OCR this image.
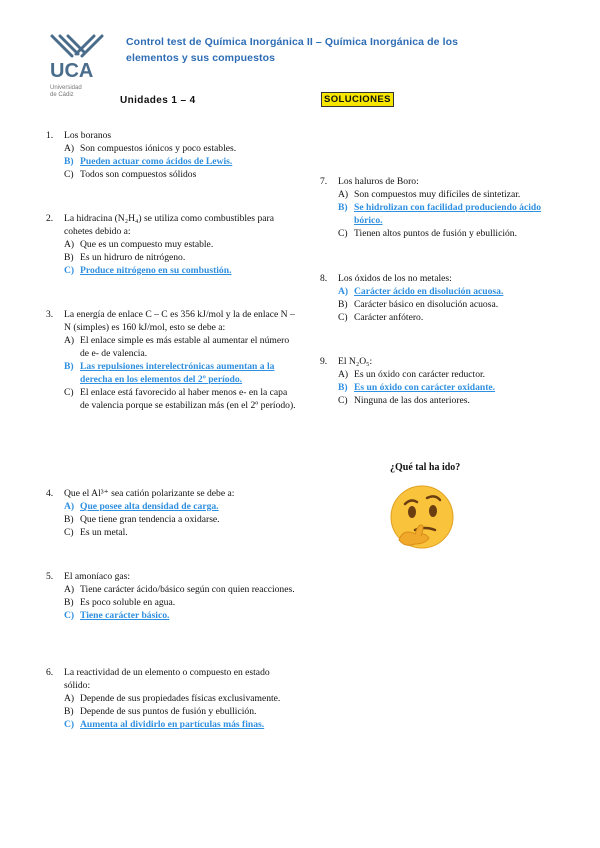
UCA
Universidad
de Cádiz
Control test de Química Inorgánica II – Química Inorgánica de los elementos y sus compuestos
Unidades 1 – 4	SOLUCIONES
1.	Los boranos
A) Son compuestos iónicos y poco estables.
B) Pueden actuar como ácidos de Lewis.
C) Todos son compuestos sólidos
2.	La hidracina (N₂H₄) se utiliza como combustibles para cohetes debido a:
A) Que es un compuesto muy estable.
B) Es un hidruro de nitrógeno.
C) Produce nitrógeno en su combustión.
3.	La energía de enlace C – C es 356 kJ/mol y la de enlace N – N (simples) es 160 kJ/mol, esto se debe a:
A) El enlace simple es más estable al aumentar el número de e- de valencia.
B) Las repulsiones interelectrónicas aumentan a la derecha en los elementos del 2º período.
C) El enlace está favorecido al haber menos e- en la capa de valencia porque se estabilizan más (en el 2º período).
4.	Que el Al³⁺ sea catión polarizante se debe a:
A) Que posee alta densidad de carga.
B) Que tiene gran tendencia a oxidarse.
C) Es un metal.
5.	El amoníaco gas:
A) Tiene carácter ácido/básico según con quien reacciones.
B) Es poco soluble en agua.
C) Tiene carácter básico.
6.	La reactividad de un elemento o compuesto en estado sólido:
A) Depende de sus propiedades físicas exclusivamente.
B) Depende de sus puntos de fusión y ebullición.
C) Aumenta al dividirlo en partículas más finas.
7.	Los haluros de Boro:
A) Son compuestos muy difíciles de sintetizar.
B) Se hidrolizan con facilidad produciendo ácido bórico.
C) Tienen altos puntos de fusión y ebullición.
8.	Los óxidos de los no metales:
A) Carácter ácido en disolución acuosa.
B) Carácter básico en disolución acuosa.
C) Carácter anfótero.
9.	El N₂O₅:
A) Es un óxido con carácter reductor.
B) Es un óxido con carácter oxidante.
C) Ninguna de las dos anteriores.
¿Qué tal ha ido?
